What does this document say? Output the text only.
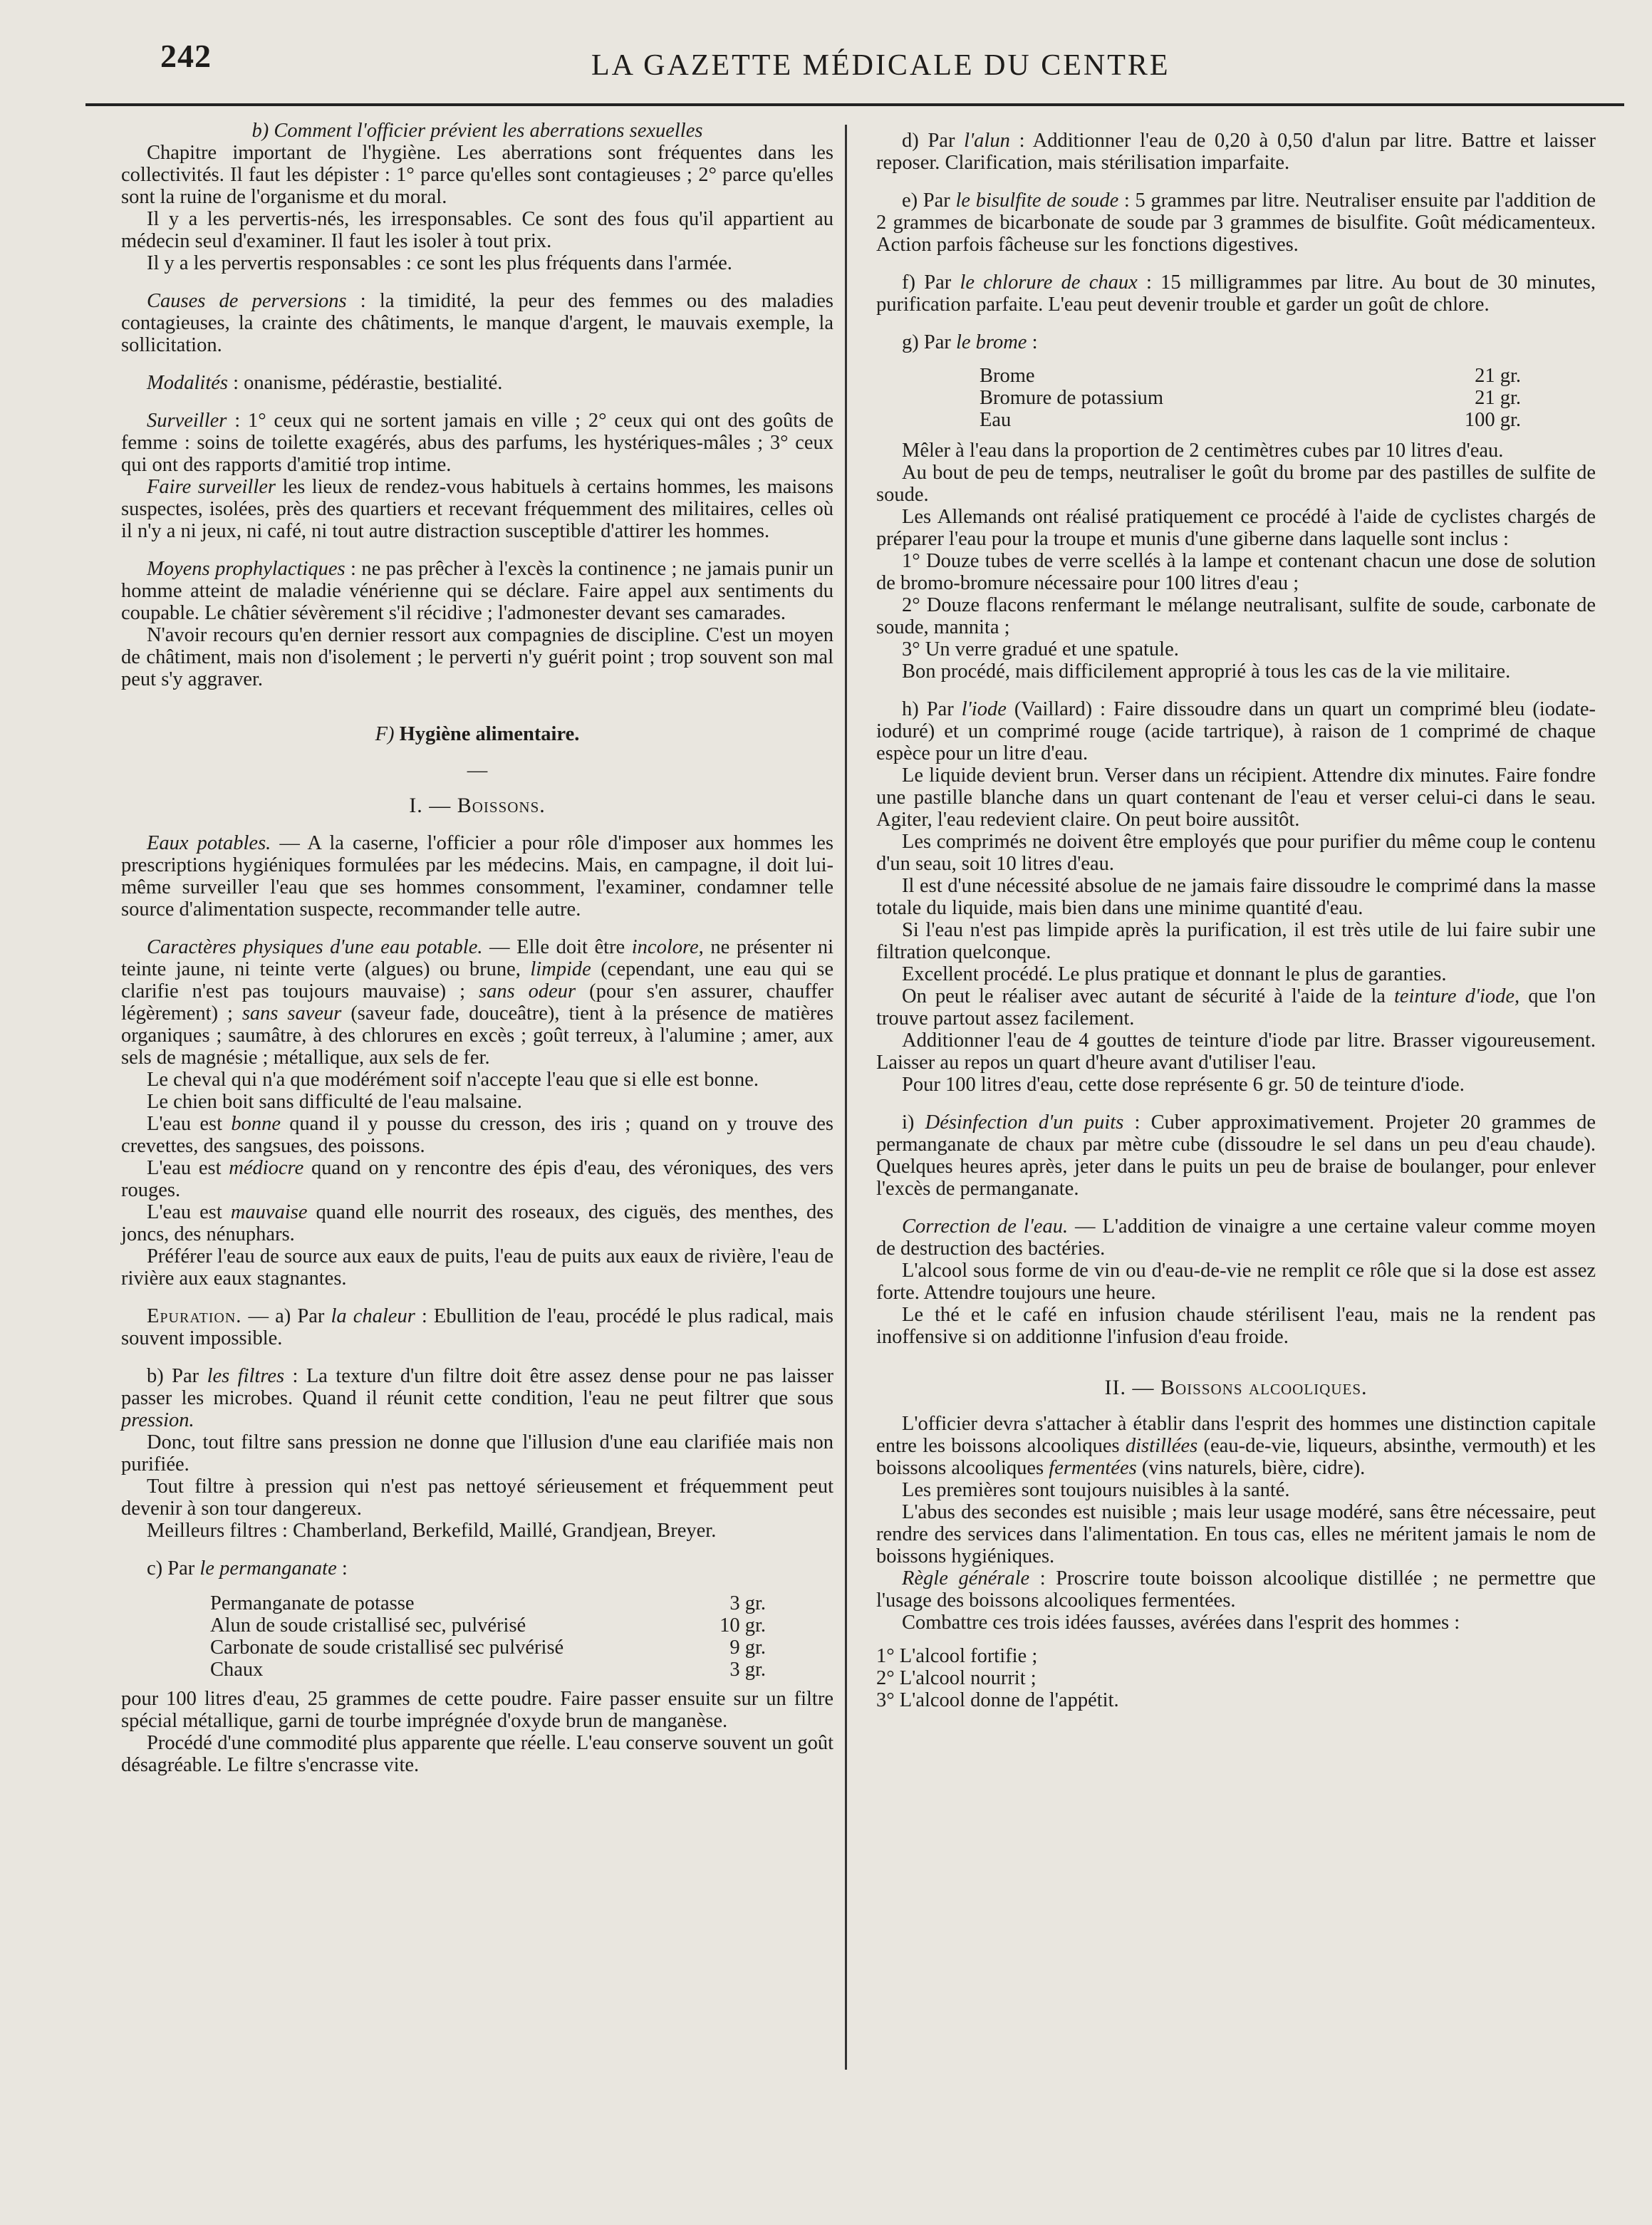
242	LA GAZETTE MÉDICALE DU CENTRE

b) Comment l'officier prévient les aberrations sexuelles

Chapitre important de l'hygiène. Les aberrations sont fréquentes dans les collectivités. Il faut les dépister : 1° parce qu'elles sont contagieuses ; 2° parce qu'elles sont la ruine de l'organisme et du moral.

Il y a les pervertis-nés, les irresponsables. Ce sont des fous qu'il appartient au médecin seul d'examiner. Il faut les isoler à tout prix.

Il y a les pervertis responsables : ce sont les plus fréquents dans l'armée.

Causes de perversions : la timidité, la peur des femmes ou des maladies contagieuses, la crainte des châtiments, le manque d'argent, le mauvais exemple, la sollicitation.

Modalités : onanisme, pédérastie, bestialité.

Surveiller : 1° ceux qui ne sortent jamais en ville ; 2° ceux qui ont des goûts de femme : soins de toilette exagérés, abus des parfums, les hystériques-mâles ; 3° ceux qui ont des rapports d'amitié trop intime.

Faire surveiller les lieux de rendez-vous habituels à certains hommes, les maisons suspectes, isolées, près des quartiers et recevant fréquemment des militaires, celles où il n'y a ni jeux, ni café, ni tout autre distraction susceptible d'attirer les hommes.

Moyens prophylactiques : ne pas prêcher à l'excès la continence ; ne jamais punir un homme atteint de maladie vénérienne qui se déclare. Faire appel aux sentiments du coupable. Le châtier sévèrement s'il récidive ; l'admonester devant ses camarades.

N'avoir recours qu'en dernier ressort aux compagnies de discipline. C'est un moyen de châtiment, mais non d'isolement ; le perverti n'y guérit point ; trop souvent son mal peut s'y aggraver.

F) Hygiène alimentaire.

—

I. — Boissons.

Eaux potables. — A la caserne, l'officier a pour rôle d'imposer aux hommes les prescriptions hygiéniques formulées par les médecins. Mais, en campagne, il doit lui-même surveiller l'eau que ses hommes consomment, l'examiner, condamner telle source d'alimentation suspecte, recommander telle autre.

Caractères physiques d'une eau potable. — Elle doit être incolore, ne présenter ni teinte jaune, ni teinte verte (algues) ou brune, limpide (cependant, une eau qui se clarifie n'est pas toujours mauvaise) ; sans odeur (pour s'en assurer, chauffer légèrement) ; sans saveur (saveur fade, douceâtre), tient à la présence de matières organiques ; saumâtre, à des chlorures en excès ; goût terreux, à l'alumine ; amer, aux sels de magnésie ; métallique, aux sels de fer.

Le cheval qui n'a que modérément soif n'accepte l'eau que si elle est bonne.

Le chien boit sans difficulté de l'eau malsaine.

L'eau est bonne quand il y pousse du cresson, des iris ; quand on y trouve des crevettes, des sangsues, des poissons.

L'eau est médiocre quand on y rencontre des épis d'eau, des véroniques, des vers rouges.

L'eau est mauvaise quand elle nourrit des roseaux, des ciguës, des menthes, des joncs, des nénuphars.

Préférer l'eau de source aux eaux de puits, l'eau de puits aux eaux de rivière, l'eau de rivière aux eaux stagnantes.

Epuration. — a) Par la chaleur : Ebullition de l'eau, procédé le plus radical, mais souvent impossible.

b) Par les filtres : La texture d'un filtre doit être assez dense pour ne pas laisser passer les microbes. Quand il réunit cette condition, l'eau ne peut filtrer que sous pression.

Donc, tout filtre sans pression ne donne que l'illusion d'une eau clarifiée mais non purifiée.

Tout filtre à pression qui n'est pas nettoyé sérieusement et fréquemment peut devenir à son tour dangereux.

Meilleurs filtres : Chamberland, Berkefild, Maillé, Grandjean, Breyer.

c) Par le permanganate :

Permanganate de potasse	3 gr.
Alun de soude cristallisé sec, pulvérisé	10 gr.
Carbonate de soude cristallisé sec pulvérisé	9 gr.
Chaux	3 gr.

pour 100 litres d'eau, 25 grammes de cette poudre. Faire passer ensuite sur un filtre spécial métallique, garni de tourbe imprégnée d'oxyde brun de manganèse.

Procédé d'une commodité plus apparente que réelle. L'eau conserve souvent un goût désagréable. Le filtre s'encrasse vite.

d) Par l'alun : Additionner l'eau de 0,20 à 0,50 d'alun par litre. Battre et laisser reposer. Clarification, mais stérilisation imparfaite.

e) Par le bisulfite de soude : 5 grammes par litre. Neutraliser ensuite par l'addition de 2 grammes de bicarbonate de soude par 3 grammes de bisulfite. Goût médicamenteux. Action parfois fâcheuse sur les fonctions digestives.

f) Par le chlorure de chaux : 15 milligrammes par litre. Au bout de 30 minutes, purification parfaite. L'eau peut devenir trouble et garder un goût de chlore.

g) Par le brome :

Brome	21 gr.
Bromure de potassium	21 gr.
Eau	100 gr.

Mêler à l'eau dans la proportion de 2 centimètres cubes par 10 litres d'eau.

Au bout de peu de temps, neutraliser le goût du brome par des pastilles de sulfite de soude.

Les Allemands ont réalisé pratiquement ce procédé à l'aide de cyclistes chargés de préparer l'eau pour la troupe et munis d'une giberne dans laquelle sont inclus :

1° Douze tubes de verre scellés à la lampe et contenant chacun une dose de solution de bromo-bromure nécessaire pour 100 litres d'eau ;

2° Douze flacons renfermant le mélange neutralisant, sulfite de soude, carbonate de soude, mannita ;

3° Un verre gradué et une spatule.

Bon procédé, mais difficilement approprié à tous les cas de la vie militaire.

h) Par l'iode (Vaillard) : Faire dissoudre dans un quart un comprimé bleu (iodate-ioduré) et un comprimé rouge (acide tartrique), à raison de 1 comprimé de chaque espèce pour un litre d'eau.

Le liquide devient brun. Verser dans un récipient. Attendre dix minutes. Faire fondre une pastille blanche dans un quart contenant de l'eau et verser celui-ci dans le seau. Agiter, l'eau redevient claire. On peut boire aussitôt.

Les comprimés ne doivent être employés que pour purifier du même coup le contenu d'un seau, soit 10 litres d'eau.

Il est d'une nécessité absolue de ne jamais faire dissoudre le comprimé dans la masse totale du liquide, mais bien dans une minime quantité d'eau.

Si l'eau n'est pas limpide après la purification, il est très utile de lui faire subir une filtration quelconque.

Excellent procédé. Le plus pratique et donnant le plus de garanties.

On peut le réaliser avec autant de sécurité à l'aide de la teinture d'iode, que l'on trouve partout assez facilement.

Additionner l'eau de 4 gouttes de teinture d'iode par litre. Brasser vigoureusement. Laisser au repos un quart d'heure avant d'utiliser l'eau.

Pour 100 litres d'eau, cette dose représente 6 gr. 50 de teinture d'iode.

i) Désinfection d'un puits : Cuber approximativement. Projeter 20 grammes de permanganate de chaux par mètre cube (dissoudre le sel dans un peu d'eau chaude). Quelques heures après, jeter dans le puits un peu de braise de boulanger, pour enlever l'excès de permanganate.

Correction de l'eau. — L'addition de vinaigre a une certaine valeur comme moyen de destruction des bactéries.

L'alcool sous forme de vin ou d'eau-de-vie ne remplit ce rôle que si la dose est assez forte. Attendre toujours une heure.

Le thé et le café en infusion chaude stérilisent l'eau, mais ne la rendent pas inoffensive si on additionne l'infusion d'eau froide.

II. — Boissons alcooliques.

L'officier devra s'attacher à établir dans l'esprit des hommes une distinction capitale entre les boissons alcooliques distillées (eau-de-vie, liqueurs, absinthe, vermouth) et les boissons alcooliques fermentées (vins naturels, bière, cidre).

Les premières sont toujours nuisibles à la santé.

L'abus des secondes est nuisible ; mais leur usage modéré, sans être nécessaire, peut rendre des services dans l'alimentation. En tous cas, elles ne méritent jamais le nom de boissons hygiéniques.

Règle générale : Proscrire toute boisson alcoolique distillée ; ne permettre que l'usage des boissons alcooliques fermentées.

Combattre ces trois idées fausses, avérées dans l'esprit des hommes :

1° L'alcool fortifie ;

2° L'alcool nourrit ;

3° L'alcool donne de l'appétit.
